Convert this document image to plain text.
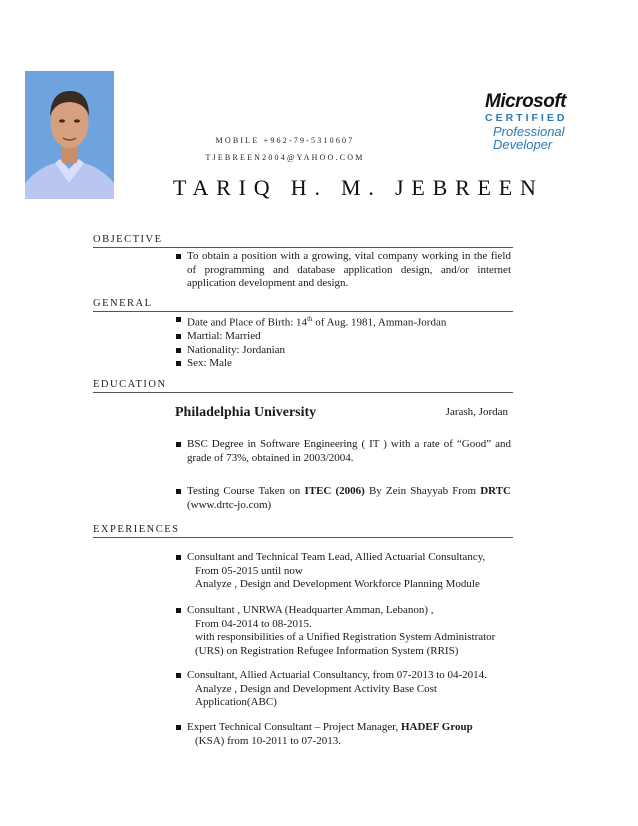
MOBILE +962-79-5310607
TJEBREEN2004@YAHOO.COM
Microsoft
CERTIFIED
Professional
Developer
TARIQ H. M. JEBREEN
OBJECTIVE
To obtain a position with a growing, vital company working in the field of programming and database application design, and/or internet application development and design.
GENERAL
Date and Place of Birth: 14th of Aug. 1981, Amman-Jordan
Martial: Married
Nationality: Jordanian
Sex: Male
EDUCATION
Philadelphia University	Jarash, Jordan
BSC Degree in Software Engineering ( IT ) with a rate of “Good” and grade of 73%, obtained in 2003/2004.
Testing Course Taken on ITEC (2006) By Zein Shayyab From DRTC (www.drtc-jo.com)
EXPERIENCES
Consultant and Technical Team Lead, Allied Actuarial Consultancy,
From 05-2015 until now
Analyze , Design and Development Workforce Planning Module
Consultant , UNRWA (Headquarter Amman, Lebanon) ,
From 04-2014 to 08-2015.
with responsibilities of a Unified Registration System Administrator
(URS) on Registration Refugee Information System (RRIS)
Consultant, Allied Actuarial Consultancy, from 07-2013 to 04-2014.
Analyze , Design and Development Activity Base Cost
Application(ABC)
Expert Technical Consultant – Project Manager, HADEF Group
(KSA) from 10-2011 to 07-2013.
